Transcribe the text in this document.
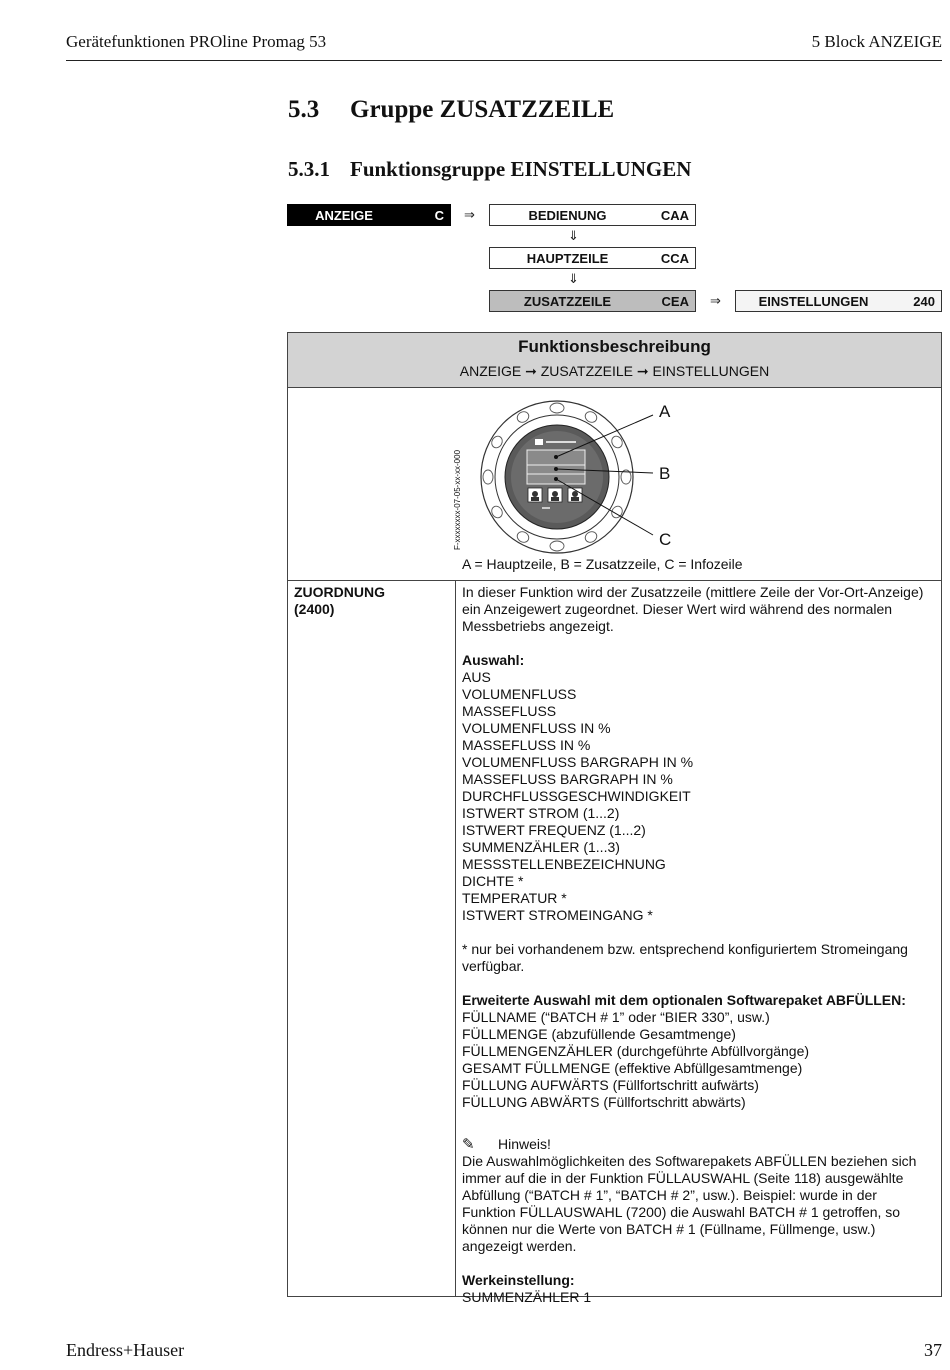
Gerätefunktionen PROline Promag 53	5 Block ANZEIGE
5.3 Gruppe ZUSATZZEILE
5.3.1 Funktionsgruppe EINSTELLUNGEN
ANZEIGE	C	⇒	BEDIENUNG	CAA
⇓
HAUPTZEILE	CCA
⇓
ZUSATZZEILE	CEA	⇒	EINSTELLUNGEN	240
Funktionsbeschreibung
ANZEIGE ➞ ZUSATZZEILE ➞ EINSTELLUNGEN
A
B
C
F-xxxxxxxx-07-05-xx-xx-000
A = Hauptzeile, B = Zusatzzeile, C = Infozeile
ZUORDNUNG
(2400)

In dieser Funktion wird der Zusatzzeile (mittlere Zeile der Vor-Ort-Anzeige) ein Anzeigewert zugeordnet. Dieser Wert wird während des normalen Messbetriebs angezeigt.

Auswahl:

AUS

VOLUMENFLUSS

MASSEFLUSS

VOLUMENFLUSS IN %

MASSEFLUSS IN %

VOLUMENFLUSS BARGRAPH IN %

MASSEFLUSS BARGRAPH IN %

DURCHFLUSSGESCHWINDIGKEIT

ISTWERT STROM (1...2)

ISTWERT FREQUENZ (1...2)

SUMMENZÄHLER (1...3)

MESSSTELLENBEZEICHNUNG

DICHTE *

TEMPERATUR *

ISTWERT STROMEINGANG *

* nur bei vorhandenem bzw. entsprechend konfiguriertem Stromeingang verfügbar.

Erweiterte Auswahl mit dem optionalen Softwarepaket ABFÜLLEN:

FÜLLNAME (“BATCH # 1” oder “BIER 330”, usw.)

FÜLLMENGE (abzufüllende Gesamtmenge)

FÜLLMENGENZÄHLER (durchgeführte Abfüllvorgänge)

GESAMT FÜLLMENGE (effektive Abfüllgesamtmenge)

FÜLLUNG AUFWÄRTS (Füllfortschritt aufwärts)

FÜLLUNG ABWÄRTS (Füllfortschritt abwärts)

✎	Hinweis!

Die Auswahlmöglichkeiten des Softwarepakets ABFÜLLEN beziehen sich immer auf die in der Funktion FÜLLAUSWAHL (Seite 118) ausgewählte Abfüllung (“BATCH # 1”, “BATCH # 2”, usw.). Beispiel: wurde in der Funktion FÜLLAUSWAHL (7200) die Auswahl BATCH # 1 getroffen, so können nur die Werte von BATCH # 1 (Füllname, Füllmenge, usw.) angezeigt werden.

Werkeinstellung:

SUMMENZÄHLER 1

Endress+Hauser	37
